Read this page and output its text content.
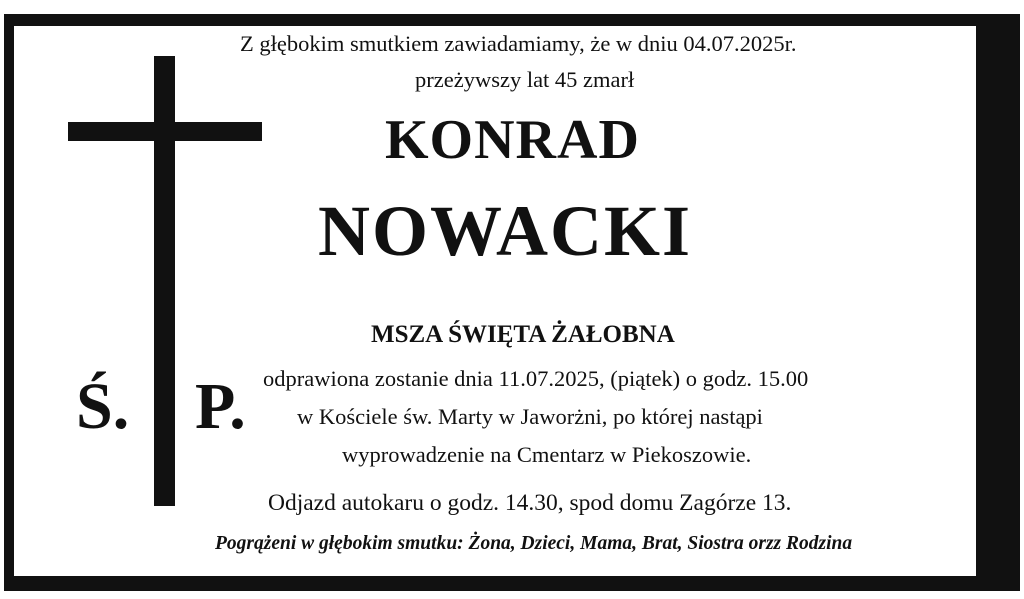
Ś. P.
Z głębokim smutkiem zawiadamiamy, że w dniu 04.07.2025r.
przeżywszy lat 45 zmarł
KONRAD
NOWACKI
MSZA ŚWIĘTA ŻAŁOBNA
odprawiona zostanie dnia 11.07.2025, (piątek) o godz. 15.00
w Kościele św. Marty w Jaworżni, po której nastąpi
wyprowadzenie na Cmentarz w Piekoszowie.
Odjazd autokaru o godz. 14.30, spod domu Zagórze 13.
Pogrążeni w głębokim smutku: Żona, Dzieci, Mama, Brat, Siostra orzz Rodzina
